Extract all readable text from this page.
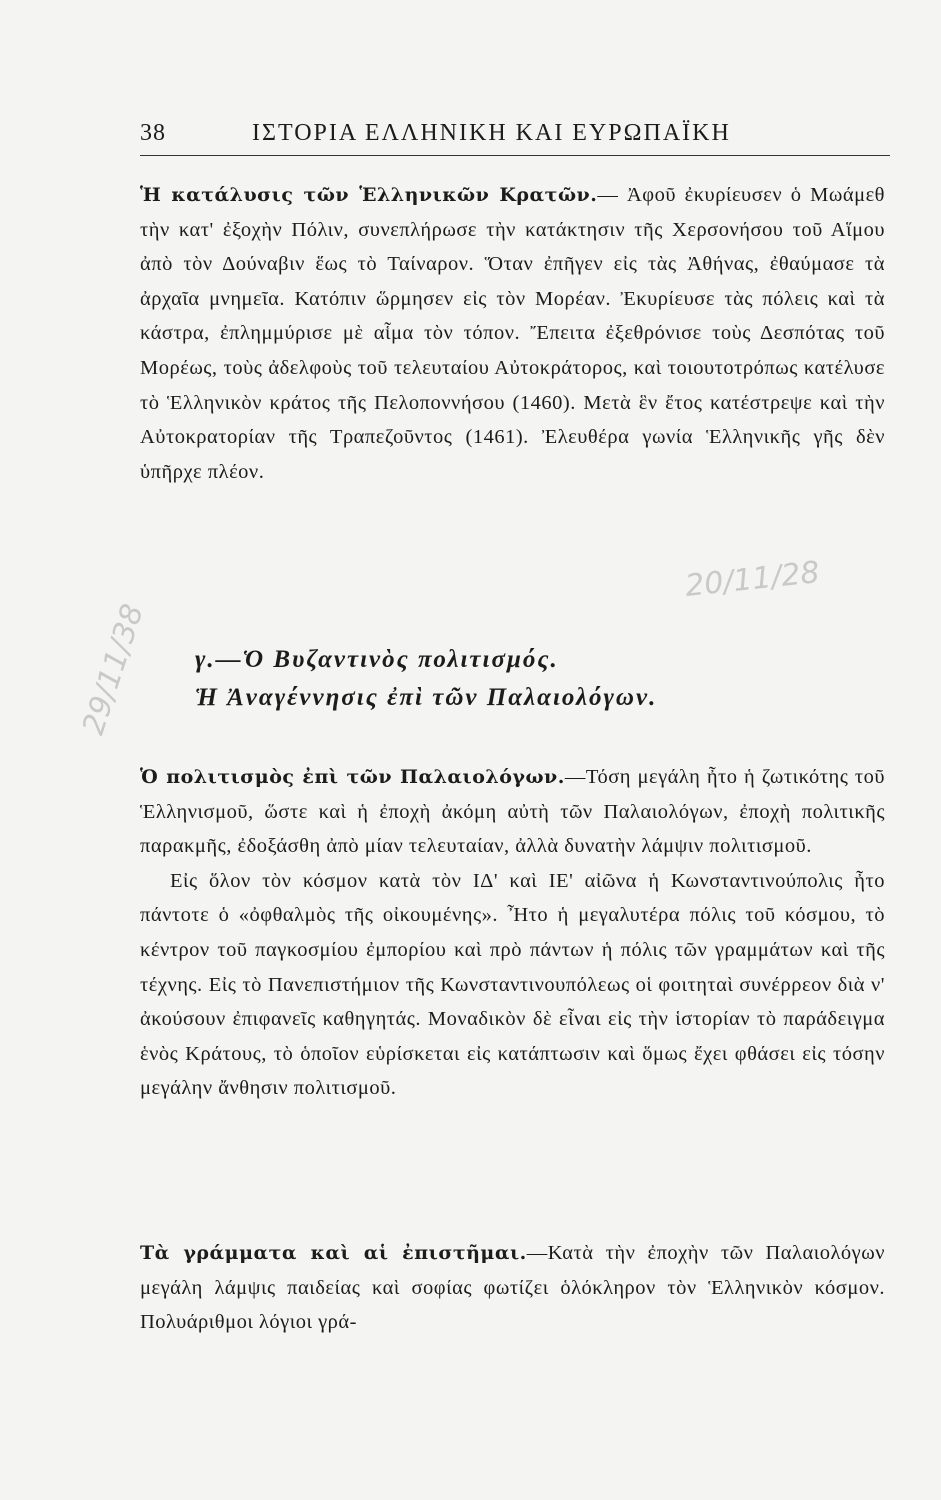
38	ΙΣΤΟΡΙΑ ΕΛΛΗΝΙΚΗ ΚΑΙ ΕΥΡΩΠΑΪΚΗ

Ἡ κατάλυσις τῶν Ἑλληνικῶν Κρατῶν.— Ἀφοῦ ἐκυρίευσεν ὁ Μωάμεθ τὴν κατ' ἐξοχὴν Πόλιν, συνεπλήρωσε τὴν κατάκτησιν τῆς Χερσονήσου τοῦ Αἵμου ἀπὸ τὸν Δούναβιν ἕως τὸ Ταίναρον. Ὅταν ἐπῆγεν εἰς τὰς Ἀθήνας, ἐθαύμασε τὰ ἀρχαῖα μνημεῖα. Κατόπιν ὥρμησεν εἰς τὸν Μορέαν. Ἐκυρίευσε τὰς πόλεις καὶ τὰ κάστρα, ἐπλημμύρισε μὲ αἷμα τὸν τόπον. Ἔπειτα ἐξεθρόνισε τοὺς Δεσπότας τοῦ Μορέως, τοὺς ἀδελφοὺς τοῦ τελευταίου Αὐτοκράτορος, καὶ τοιουτοτρόπως κατέλυσε τὸ Ἑλληνικὸν κράτος τῆς Πελοποννήσου (1460). Μετὰ ἓν ἔτος κατέστρεψε καὶ τὴν Αὐτοκρατορίαν τῆς Τραπεζοῦντος (1461). Ἐλευθέρα γωνία Ἑλληνικῆς γῆς δὲν ὑπῆρχε πλέον.

γ.—Ὁ Βυζαντινὸς πολιτισμός.
Ἡ Ἀναγέννησις ἐπὶ τῶν Παλαιολόγων.

Ὁ πολιτισμὸς ἐπὶ τῶν Παλαιολόγων.—Τόση μεγάλη ἦτο ἡ ζωτικότης τοῦ Ἑλληνισμοῦ, ὥστε καὶ ἡ ἐποχὴ ἀκόμη αὐτὴ τῶν Παλαιολόγων, ἐποχὴ πολιτικῆς παρακμῆς, ἐδοξάσθη ἀπὸ μίαν τελευταίαν, ἀλλὰ δυνατὴν λάμψιν πολιτισμοῦ.

Εἰς ὅλον τὸν κόσμον κατὰ τὸν ΙΔ' καὶ ΙΕ' αἰῶνα ἡ Κωνσταντινούπολις ἦτο πάντοτε ὁ «ὀφθαλμὸς τῆς οἰκουμένης». Ἦτο ἡ μεγαλυτέρα πόλις τοῦ κόσμου, τὸ κέντρον τοῦ παγκοσμίου ἐμπορίου καὶ πρὸ πάντων ἡ πόλις τῶν γραμμάτων καὶ τῆς τέχνης. Εἰς τὸ Πανεπιστήμιον τῆς Κωνσταντινουπόλεως οἱ φοιτηταὶ συνέρρεον διὰ ν' ἀκούσουν ἐπιφανεῖς καθηγητάς. Μοναδικὸν δὲ εἶναι εἰς τὴν ἱστορίαν τὸ παράδειγμα ἑνὸς Κράτους, τὸ ὁποῖον εὑρίσκεται εἰς κατάπτωσιν καὶ ὅμως ἔχει φθάσει εἰς τόσην μεγάλην ἄνθησιν πολιτισμοῦ.

Τὰ γράμματα καὶ αἱ ἐπιστῆμαι.—Κατὰ τὴν ἐποχὴν τῶν Παλαιολόγων μεγάλη λάμψις παιδείας καὶ σοφίας φωτίζει ὁλόκληρον τὸν Ἑλληνικὸν κόσμον. Πολυάριθμοι λόγιοι γρά-

20/11/28
29/11/38
